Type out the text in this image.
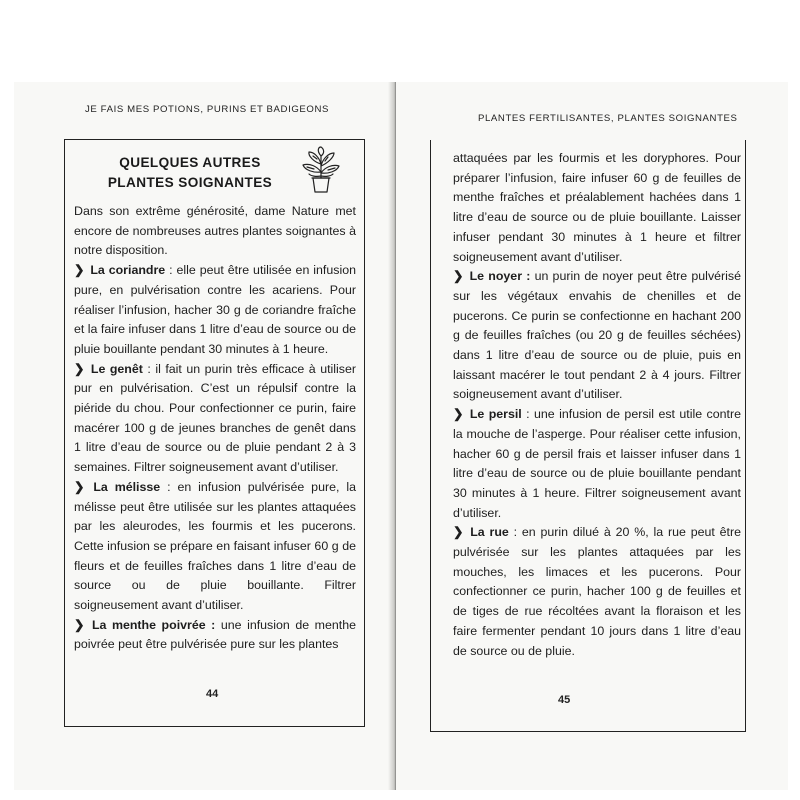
JE FAIS MES POTIONS, PURINS ET BADIGEONS
QUELQUES AUTRES
PLANTES SOIGNANTES

Dans son extrême générosité, dame Nature met encore de nombreuses autres plantes soignantes à notre disposition.

❯ La coriandre : elle peut être utilisée en infusion pure, en pulvérisation contre les acariens. Pour réaliser l’infusion, hacher 30 g de coriandre fraîche et la faire infuser dans 1 litre d’eau de source ou de pluie bouillante pendant 30 minutes à 1 heure.

❯ Le genêt : il fait un purin très efficace à utiliser pur en pulvérisation. C’est un répulsif contre la piéride du chou. Pour confectionner ce purin, faire macérer 100 g de jeunes branches de genêt dans 1 litre d’eau de source ou de pluie pendant 2 à 3 semaines. Filtrer soigneusement avant d’utiliser.

❯ La mélisse : en infusion pulvérisée pure, la mélisse peut être utilisée sur les plantes attaquées par les aleurodes, les fourmis et les pucerons. Cette infusion se prépare en faisant infuser 60 g de fleurs et de feuilles fraîches dans 1 litre d’eau de source ou de pluie bouillante. Filtrer soigneusement avant d’utiliser.

❯ La menthe poivrée : une infusion de menthe poivrée peut être pulvérisée pure sur les plantes

44
PLANTES FERTILISANTES, PLANTES SOIGNANTES

attaquées par les fourmis et les doryphores. Pour préparer l’infusion, faire infuser 60 g de feuilles de menthe fraîches et préalablement hachées dans 1 litre d’eau de source ou de pluie bouillante. Laisser infuser pendant 30 minutes à 1 heure et filtrer soigneusement avant d’utiliser.

❯ Le noyer : un purin de noyer peut être pulvérisé sur les végétaux envahis de chenilles et de pucerons. Ce purin se confectionne en hachant 200 g de feuilles fraîches (ou 20 g de feuilles séchées) dans 1 litre d’eau de source ou de pluie, puis en laissant macérer le tout pendant 2 à 4 jours. Filtrer soigneusement avant d’utiliser.

❯ Le persil : une infusion de persil est utile contre la mouche de l’asperge. Pour réaliser cette infusion, hacher 60 g de persil frais et laisser infuser dans 1 litre d’eau de source ou de pluie bouillante pendant 30 minutes à 1 heure. Filtrer soigneusement avant d’utiliser.

❯ La rue : en purin dilué à 20 %, la rue peut être pulvérisée sur les plantes attaquées par les mouches, les limaces et les pucerons. Pour confectionner ce purin, hacher 100 g de feuilles et de tiges de rue récoltées avant la floraison et les faire fermenter pendant 10 jours dans 1 litre d’eau de source ou de pluie.

45
